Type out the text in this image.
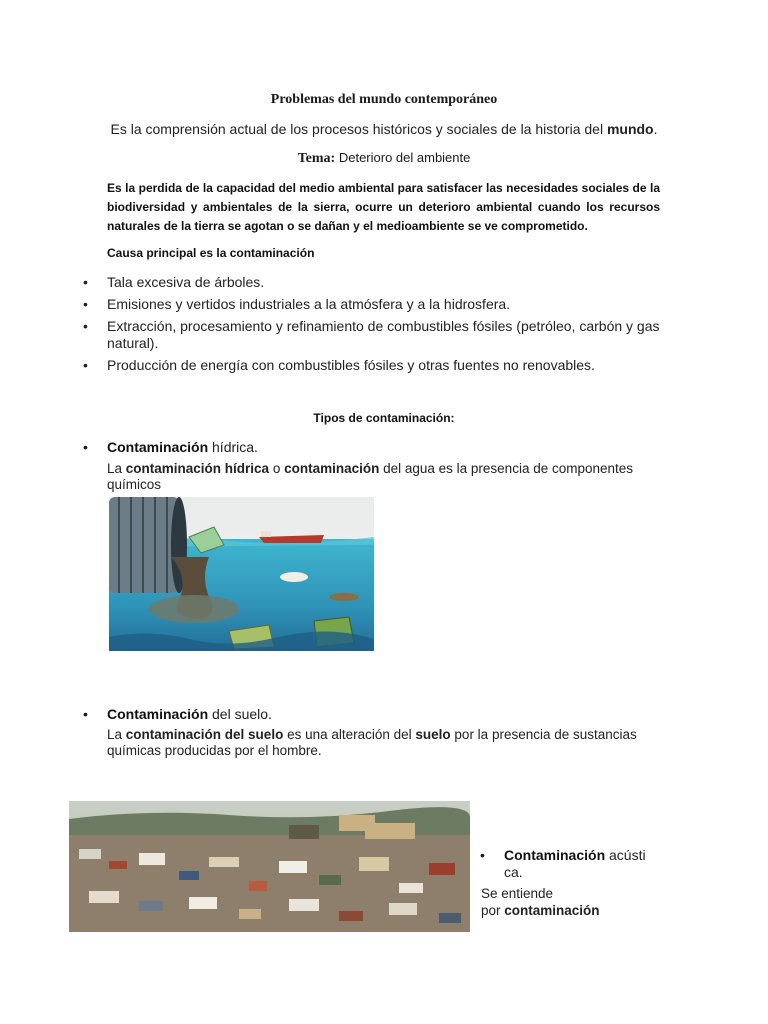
Problemas del mundo contemporáneo
Es la comprensión actual de los procesos históricos y sociales de la historia del mundo.
Tema: Deterioro del ambiente
Es la perdida de la capacidad del medio ambiental para satisfacer las necesidades sociales de la biodiversidad y ambientales de la sierra, ocurre un deterioro ambiental cuando los recursos naturales de la tierra se agotan o se dañan y el medioambiente se ve comprometido.
Causa principal es la contaminación
• Tala excesiva de árboles.
• Emisiones y vertidos industriales a la atmósfera y a la hidrosfera.
• Extracción, procesamiento y refinamiento de combustibles fósiles (petróleo, carbón y gas natural).
• Producción de energía con combustibles fósiles y otras fuentes no renovables.
Tipos de contaminación:
• Contaminación hídrica.
La contaminación hídrica o contaminación del agua es la presencia de componentes químicos
• Contaminación del suelo.
La contaminación del suelo es una alteración del suelo por la presencia de sustancias químicas producidas por el hombre.
• Contaminación acústi
ca.
Se entiende
por contaminación
